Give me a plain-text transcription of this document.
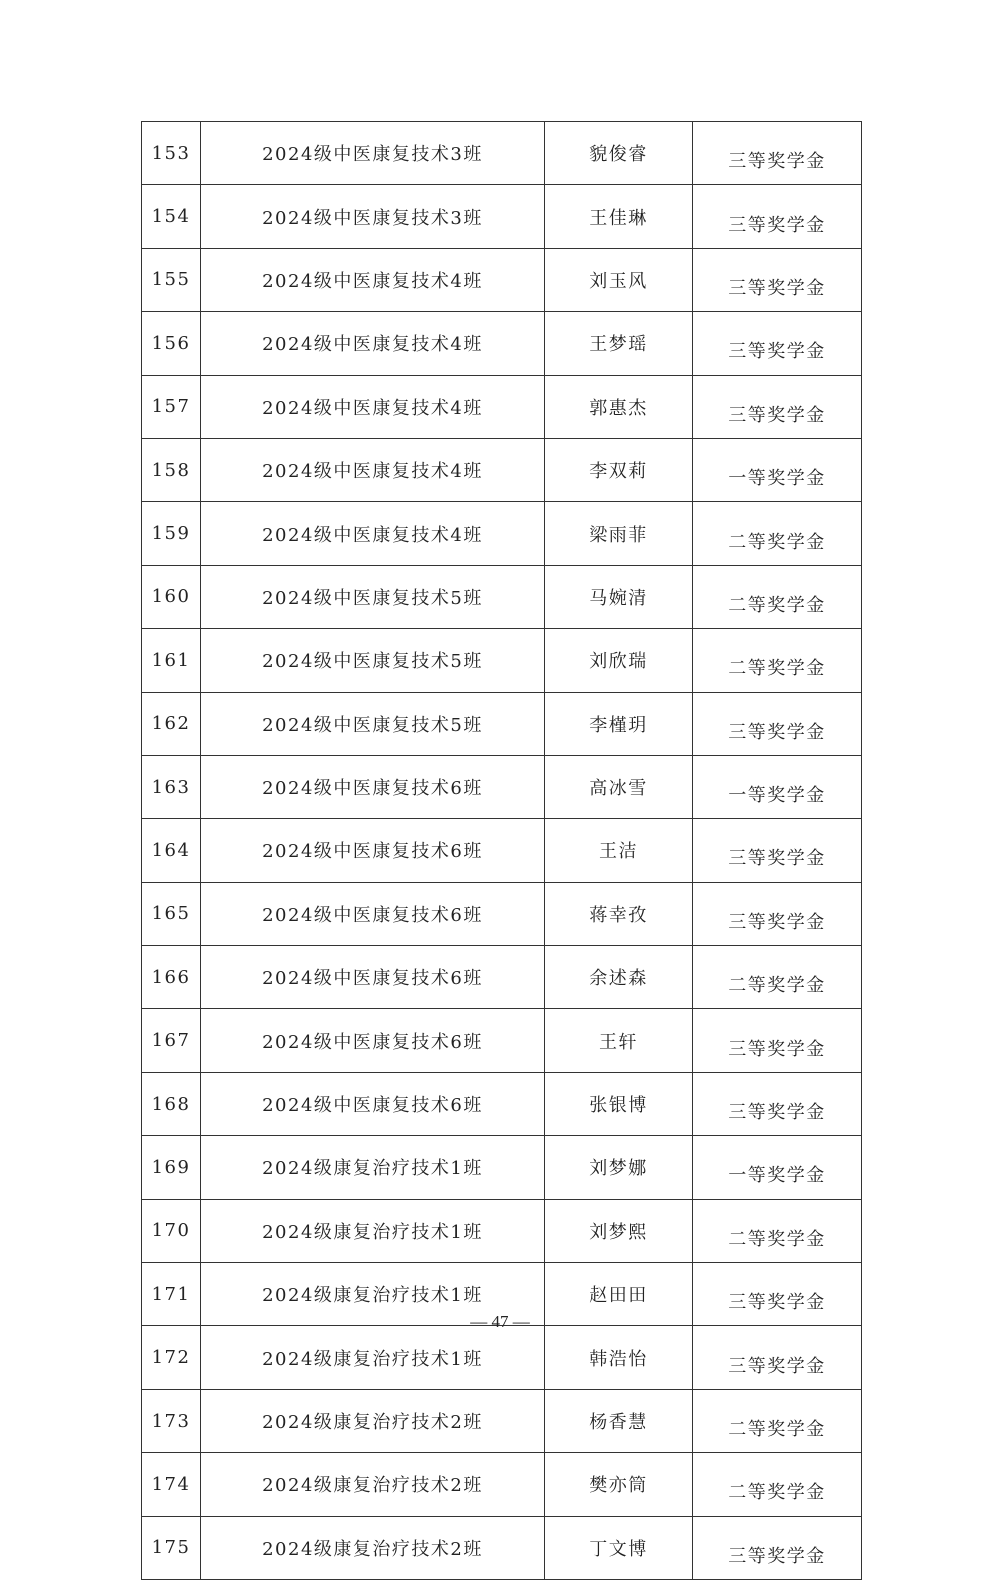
153	2024级中医康复技术3班	貌俊睿	三等奖学金
154	2024级中医康复技术3班	王佳琳	三等奖学金
155	2024级中医康复技术4班	刘玉风	三等奖学金
156	2024级中医康复技术4班	王梦瑶	三等奖学金
157	2024级中医康复技术4班	郭惠杰	三等奖学金
158	2024级中医康复技术4班	李双莉	一等奖学金
159	2024级中医康复技术4班	梁雨菲	二等奖学金
160	2024级中医康复技术5班	马婉清	二等奖学金
161	2024级中医康复技术5班	刘欣瑞	二等奖学金
162	2024级中医康复技术5班	李槿玥	三等奖学金
163	2024级中医康复技术6班	高冰雪	一等奖学金
164	2024级中医康复技术6班	王洁	三等奖学金
165	2024级中医康复技术6班	蒋幸孜	三等奖学金
166	2024级中医康复技术6班	余述森	二等奖学金
167	2024级中医康复技术6班	王轩	三等奖学金
168	2024级中医康复技术6班	张银博	三等奖学金
169	2024级康复治疗技术1班	刘梦娜	一等奖学金
170	2024级康复治疗技术1班	刘梦熙	二等奖学金
171	2024级康复治疗技术1班	赵田田	三等奖学金
172	2024级康复治疗技术1班	韩浩怡	三等奖学金
173	2024级康复治疗技术2班	杨香慧	二等奖学金
174	2024级康复治疗技术2班	樊亦筒	二等奖学金
175	2024级康复治疗技术2班	丁文博	三等奖学金
— 47 —
